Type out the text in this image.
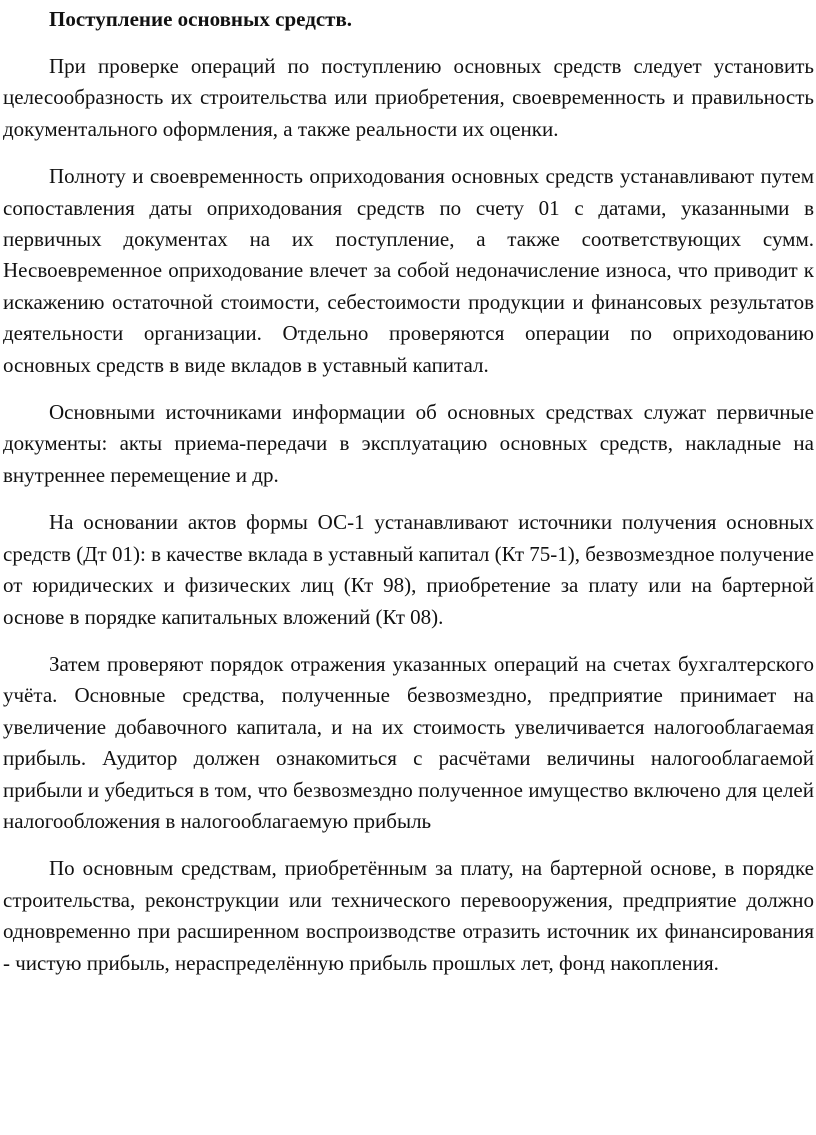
Поступление основных средств.

При проверке операций по поступлению основных средств следует установить целесообразность их строительства или приобретения, своевременность и правильность документального оформления, а также реальности их оценки.

Полноту и своевременность оприходования основных средств устанавливают путем сопоставления даты оприходования средств по счету 01 с датами, указанными в первичных документах на их поступление, а также соответствующих сумм. Несвоевременное оприходование влечет за собой недоначисление износа, что приводит к искажению остаточной стоимости, себестоимости продукции и финансовых результатов деятельности организации. Отдельно проверяются операции по оприходованию основных средств в виде вкладов в уставный капитал.

Основными источниками информации об основных средствах служат первичные документы: акты приема-передачи в эксплуатацию основных средств, накладные на внутреннее перемещение и др.

На основании актов формы ОС-1 устанавливают источники получения основных средств (Дт 01): в качестве вклада в уставный капитал (Кт 75-1), безвозмездное получение от юридических и физических лиц (Кт 98), приобретение за плату или на бартерной основе в порядке капитальных вложений (Кт 08).

Затем проверяют порядок отражения указанных операций на счетах бухгалтерского учёта. Основные средства, полученные безвозмездно, предприятие принимает на увеличение добавочного капитала, и на их стоимость увеличивается налогооблагаемая прибыль. Аудитор должен ознакомиться с расчётами величины налогооблагаемой прибыли и убедиться в том, что безвозмездно полученное имущество включено для целей налогообложения в налогооблагаемую прибыль

По основным средствам, приобретённым за плату, на бартерной основе, в порядке строительства, реконструкции или технического перевооружения, предприятие должно одновременно при расширенном воспроизводстве отразить источник их финансирования - чистую прибыль, нераспределённую прибыль прошлых лет, фонд накопления.
